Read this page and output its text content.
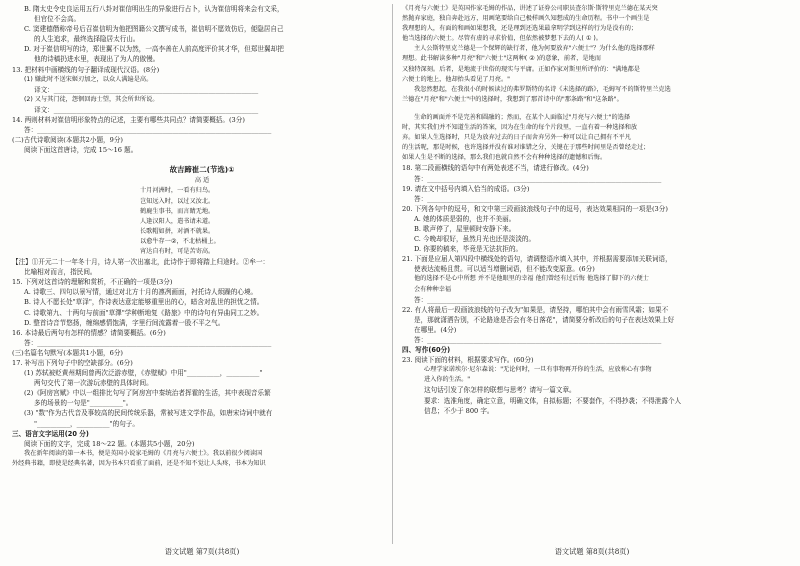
B. 隋太史令史良运用五行八卦对崔信明出生的异象进行占卜，认为崔信明将来会有文采，

但官位不会高。

C. 窦建德僭称帝号后召崔信明为他把图籍公文撰写成书，崔信明不愿效仿后，便隐居自己

的人生追求，最终选择隐居太行山。

D. 对于崔信明写的诗，郑世翼不以为然，一高李善在人前高度评价其才华，但郑世翼却把

他的诗稿扔进水里，表现出了为人的傲慢。

13. 把材料中画横线的句子翻译成现代汉语。(8分)

(1) 嫌此时不送宋姬刃加之，以众人满遍是高。

译文：______________________________________________________________

(2) 又与其门徒，怨徊回海士望，其会所世所说。

译文：______________________________________________________________

14. 两则材料对崔信明形象特点的记述，主要有哪些共同点？请简要概括。(3分)

答：_______________________________________________________________________

(二)古代诗歌阅读(本题共2小题，9分)

阅读下面这首唐诗，完成 15～16 题。

故吉蹄崔二(节选)①

高 适

十月河洲时，一看有归鸟。

岂知远入时，以过又汝北。

鹤鹿生事书，而言睛无地。

人逢汉阳人，遣书请未道。

长歌帽如拼，对酒不就果。

以愈牛存一②，不北枯桶上。

宵达自有时，可是苦寄高。

【注】①开元二十一年冬十月，诗人第一次出塞北，此诗作于即将踏上归途时。②牟一：

比喻相对而言，指民间。

15. 下列对这首诗的理解和赏析，不正确的一项是(3分)

A. 诗歌三、四句以景写情，通过对北方十月的凛冽画面，衬托诗人烦躁的心境。

B. 诗人不愿长处"草泽"，作诗表达意定能够重里出的心，暗含对乱世的担忧之情。

C. 诗歌第九、十两句与前面"草澤"学种断地复《路旅》中的诗句有异曲同工之妙。

D. 整首诗音节悠扬，缠绵感情饱满，字里行间流露着一股不平之气。

16. 本诗最后两句有怎样的情感？请简要概括。(6分)

答：_______________________________________________________________________

(三)名篇名句默写(本题共1小题，6分)

17. 补写出下列句子中的空缺部分。(6分)

(1) 苏轼被贬黄州期间曾两次泛游赤壁，《赤壁赋》中用"__________，__________"

两句交代了第一次游玩赤壁的具体时间。

(2)《阿房宫赋》中以一组排比句写了阿房宫中秦统治者挥霍的生活，其中表现音乐繁

多的场景的一句是"__________"。

(3) "数"作为古代音及事较高的民间传统乐器，常被写进文学作品，如唐宋诗词中就有

"__________，__________"的句子。

三、语言文字运用(20 分)

阅读下面的文字，完成 18～22 题。(本题共5小题，20分)

我在新年阅读的第一本书，便是英国小说家毛姆的《月亮与六便士》。我以前很少阅读国

外经典书籍，即使是经典名著，因为书本只看重了面前，还是不知不觉让人头疼，书本为知识

《月亮与六便士》是英国作家毛姆的作品，讲述了证券公司职员查尔斯·斯特里克兰德在某天突

然抛弃家庭，独自奔赴远方，用画笔要给自己极样画久知想成的生命历程。书中一个画生是

我理想的人，有面的和画如果想我，还是理到还选果最拿明学到这样的行为是没有的；

他当选择的六便士。尽管有虚的寻求价值，但依然被梦想下去的人( ① )。

主人公斯特里克兰德是一个保辉的缺行者，他为何要放弃"六便士"？为什么他的选择那样

理想。此书解读多种"月亮"和"六便士"这两种( ② )的意象，前者，是地而

又独特深刻。后者，是地流于世俗的现实与平庸。正如作家对斯里所评价的："满地都是

六便士的地上，他却抬头看见了月亮。"

我忽然想起，在我很小的时候读过的弗罗斯特的名诗《未选择的路》，毛姆写不的斯特里兰克选

兰德在"月亮"和"六便士"中的选择时，我想到了那首诗中的"那条路"和"这条路"。

生命的画面并不是完善和圆融的；然而，在某个人面临过"月亮与六便士"的选择

时，其实我们并不知道生活的答案，因为在生命的每个片段里，一直有着一种选择和放

弃。如果人生选择时，只是为放弃过去的日子而舍弃另外一种可以让自己拥有不平凡

的生活呢，那是时候，也许选择并没有谁对谁错之分，关键在于那些时间里是否曾经走过；

如果人生是不断的选择，那么我们也就自然不会有种种选择的遗憾和后悔。

18. 第二段画横线的语句中有两处表述不当，请进行修改。(4分)

答：_______________________________________________________________________

19. 请在文中括号内填入恰当的成语。(3分)

答：_______________________________________________________________________

20. 下列各句中的逗号，和文中第三段画波浪线句子中的逗号，表达效果相同的一项是(3分)

A. 她的体质是弱的，也并不美丽。

B. 歌声停了，屋里顿时安静下来。

C. 今晚却很好，虽然月光也还是淡淡的。

D. 你要的稿来，毕竟是无法抗拒的。

21. 下面是应届人第四段中横线处的语句，请调整语序填入其中，并根据需要添加关联词语，

使表达流畅且贯。可以适当增删词语，但不能改变原意。(6分)

他的选择不是心中所想 并不是他眼里的幸福 他们曾经有过后悔 他选择了脚下的六便士

会有种种幸福

答：_______________________________________________________________________

22. 有人将最后一段画波浪线的句子改为"如果是，请坚持，哪怕其中会有雨雪风霜；如果不

是，那就潇洒告别，不论路途是否会有冬日落花"，请简要分析改后的句子在表达效果上好

在哪里。(4分)

答：_______________________________________________________________________

四、写作(60分)

23. 阅读下面的材料，根据要求写作。(60分)

心理学家诺埃尔·尼尔森说："无论何时，一旦有事物再开你的生活，应放称心有事物

进入你的生活。"

这句话引发了你怎样的联想与思考？请写一篇文章。

要求：选准角度，确定立意，明确文体，自拟标题；不要套作，不得抄袭；不得泄露个人

信息；不少于 800 字。

语文试题 第7页(共8页)	语文试题 第8页(共8页)
